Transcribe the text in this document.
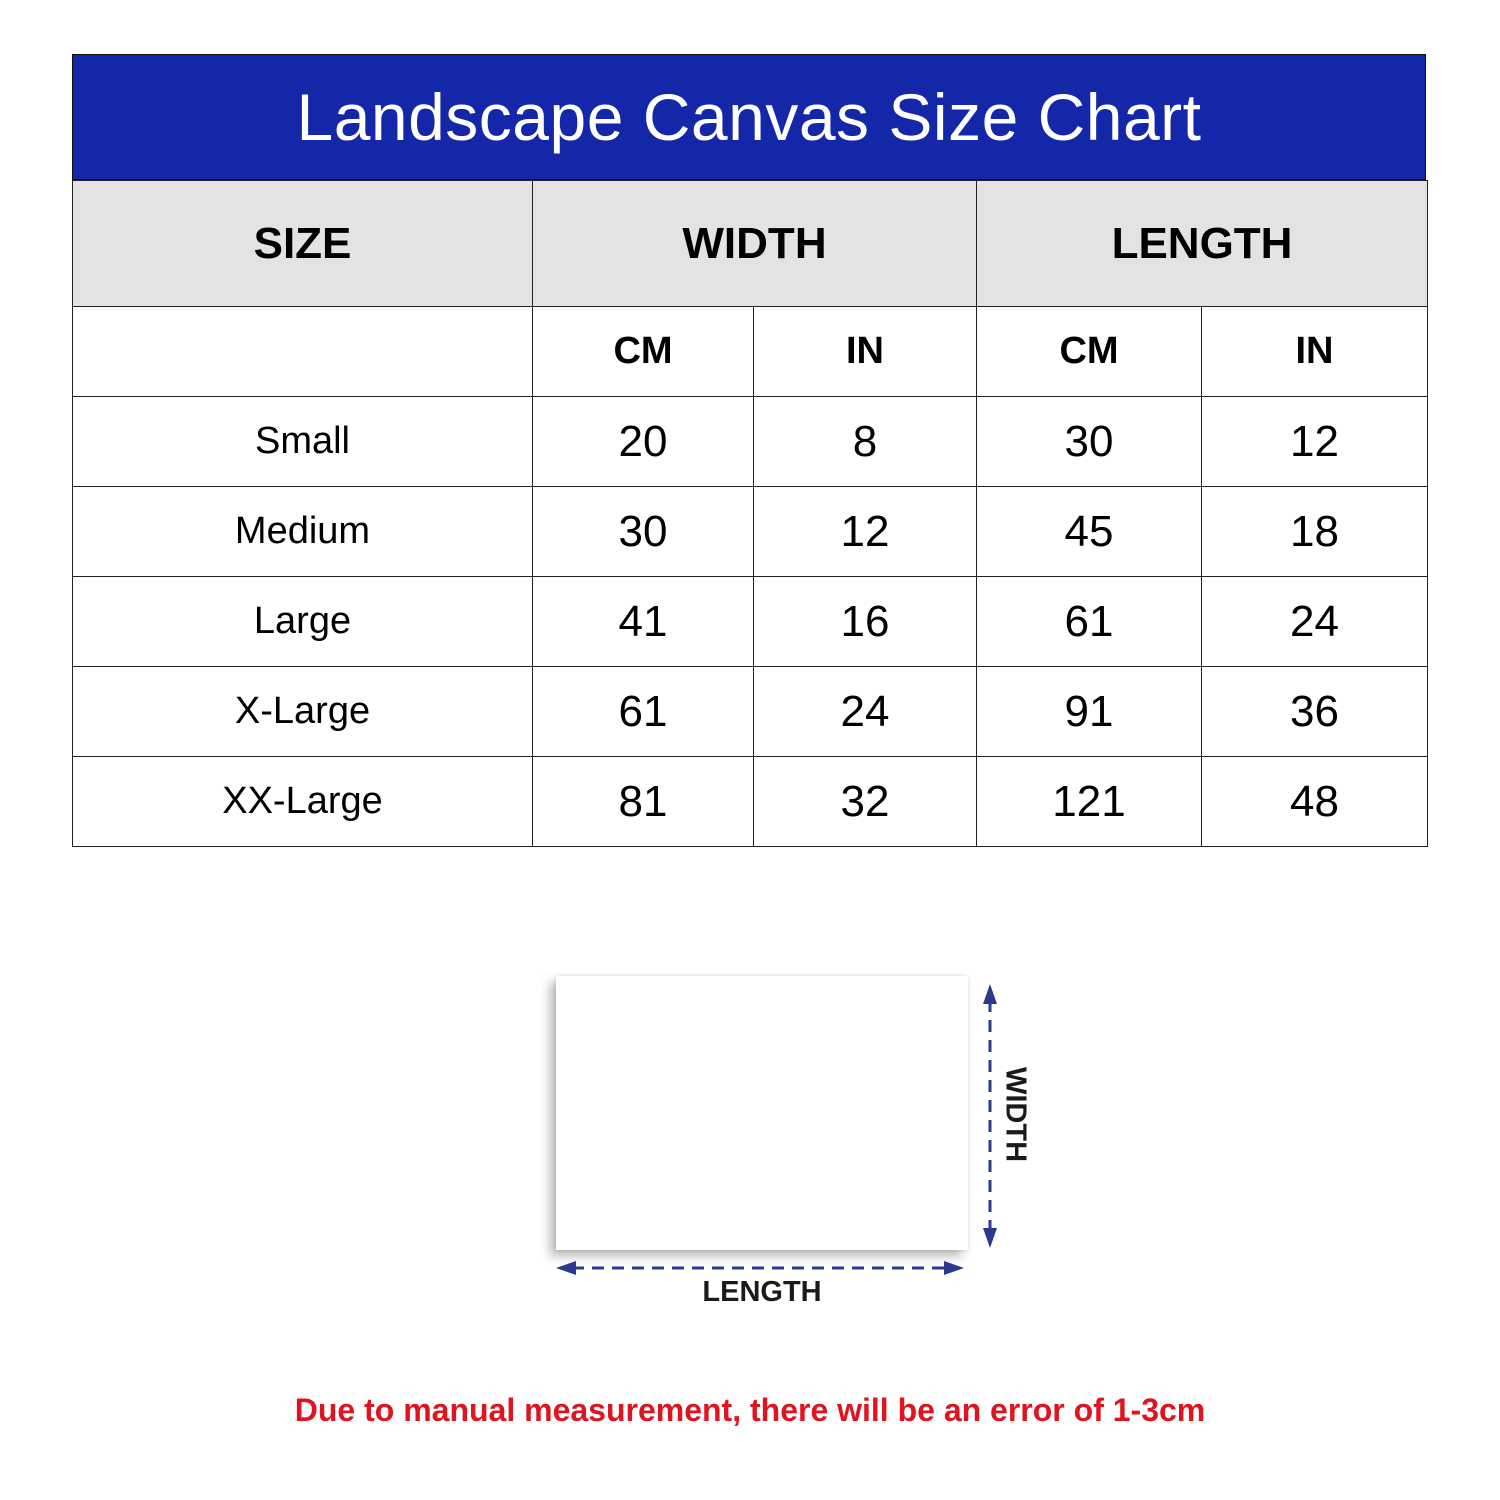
Landscape Canvas Size Chart
SIZE	WIDTH		LENGTH	
	CM	IN	CM	IN
Small	20	8	30	12
Medium	30	12	45	18
Large	41	16	61	24
X-Large	61	24	91	36
XX-Large	81	32	121	48
LENGTH
WIDTH
Due to manual measurement, there will be an error of 1-3cm
